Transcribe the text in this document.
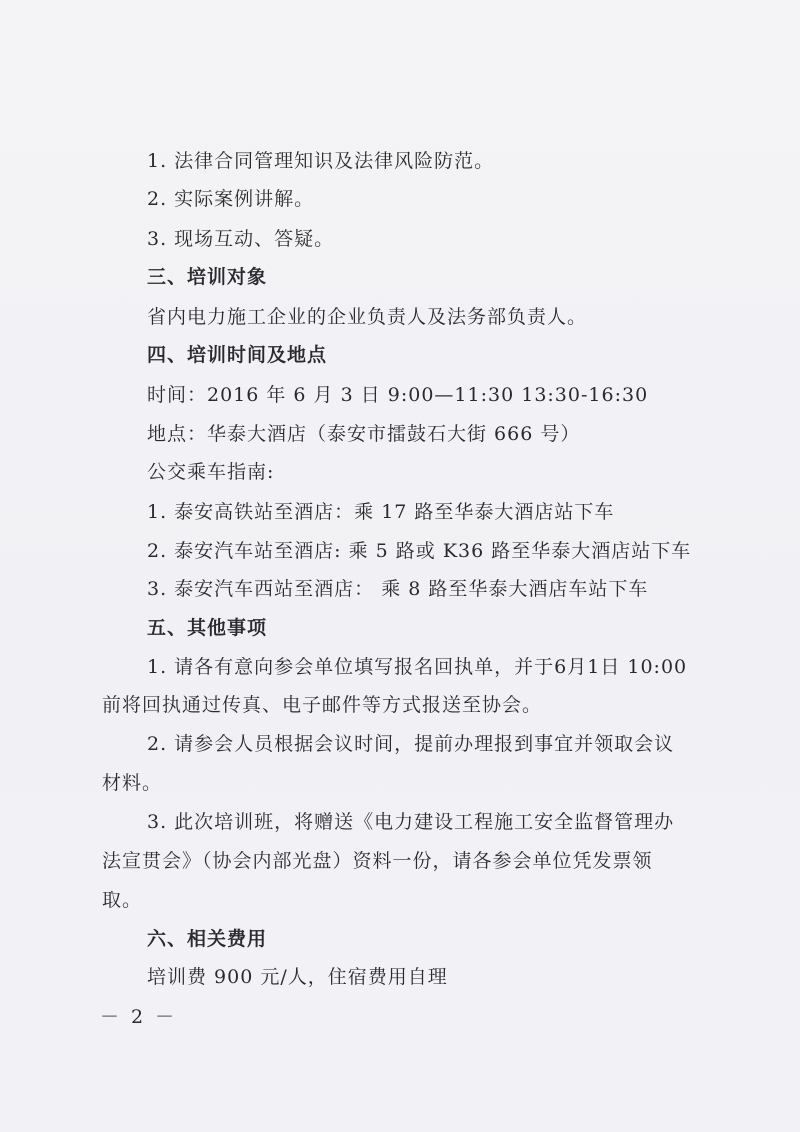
1. 法律合同管理知识及法律风险防范。
2. 实际案例讲解。
3. 现场互动、答疑。
三、培训对象
省内电力施工企业的企业负责人及法务部负责人。
四、培训时间及地点
时间：2016 年 6 月 3 日 9:00—11:30 13:30-16:30
地点：华泰大酒店（泰安市擂鼓石大街 666 号）
公交乘车指南:
1. 泰安高铁站至酒店：乘 17 路至华泰大酒店站下车
2. 泰安汽车站至酒店: 乘 5 路或 K36 路至华泰大酒店站下车
3. 泰安汽车西站至酒店： 乘 8 路至华泰大酒店车站下车
五、其他事项
1. 请各有意向参会单位填写报名回执单，并于6月1日 10:00
前将回执通过传真、电子邮件等方式报送至协会。
2. 请参会人员根据会议时间，提前办理报到事宜并领取会议
材料。
3. 此次培训班，将赠送《电力建设工程施工安全监督管理办
法宣贯会》（协会内部光盘）资料一份，请各参会单位凭发票领
取。
六、相关费用
培训费 900 元/人，住宿费用自理
－ 2 －
